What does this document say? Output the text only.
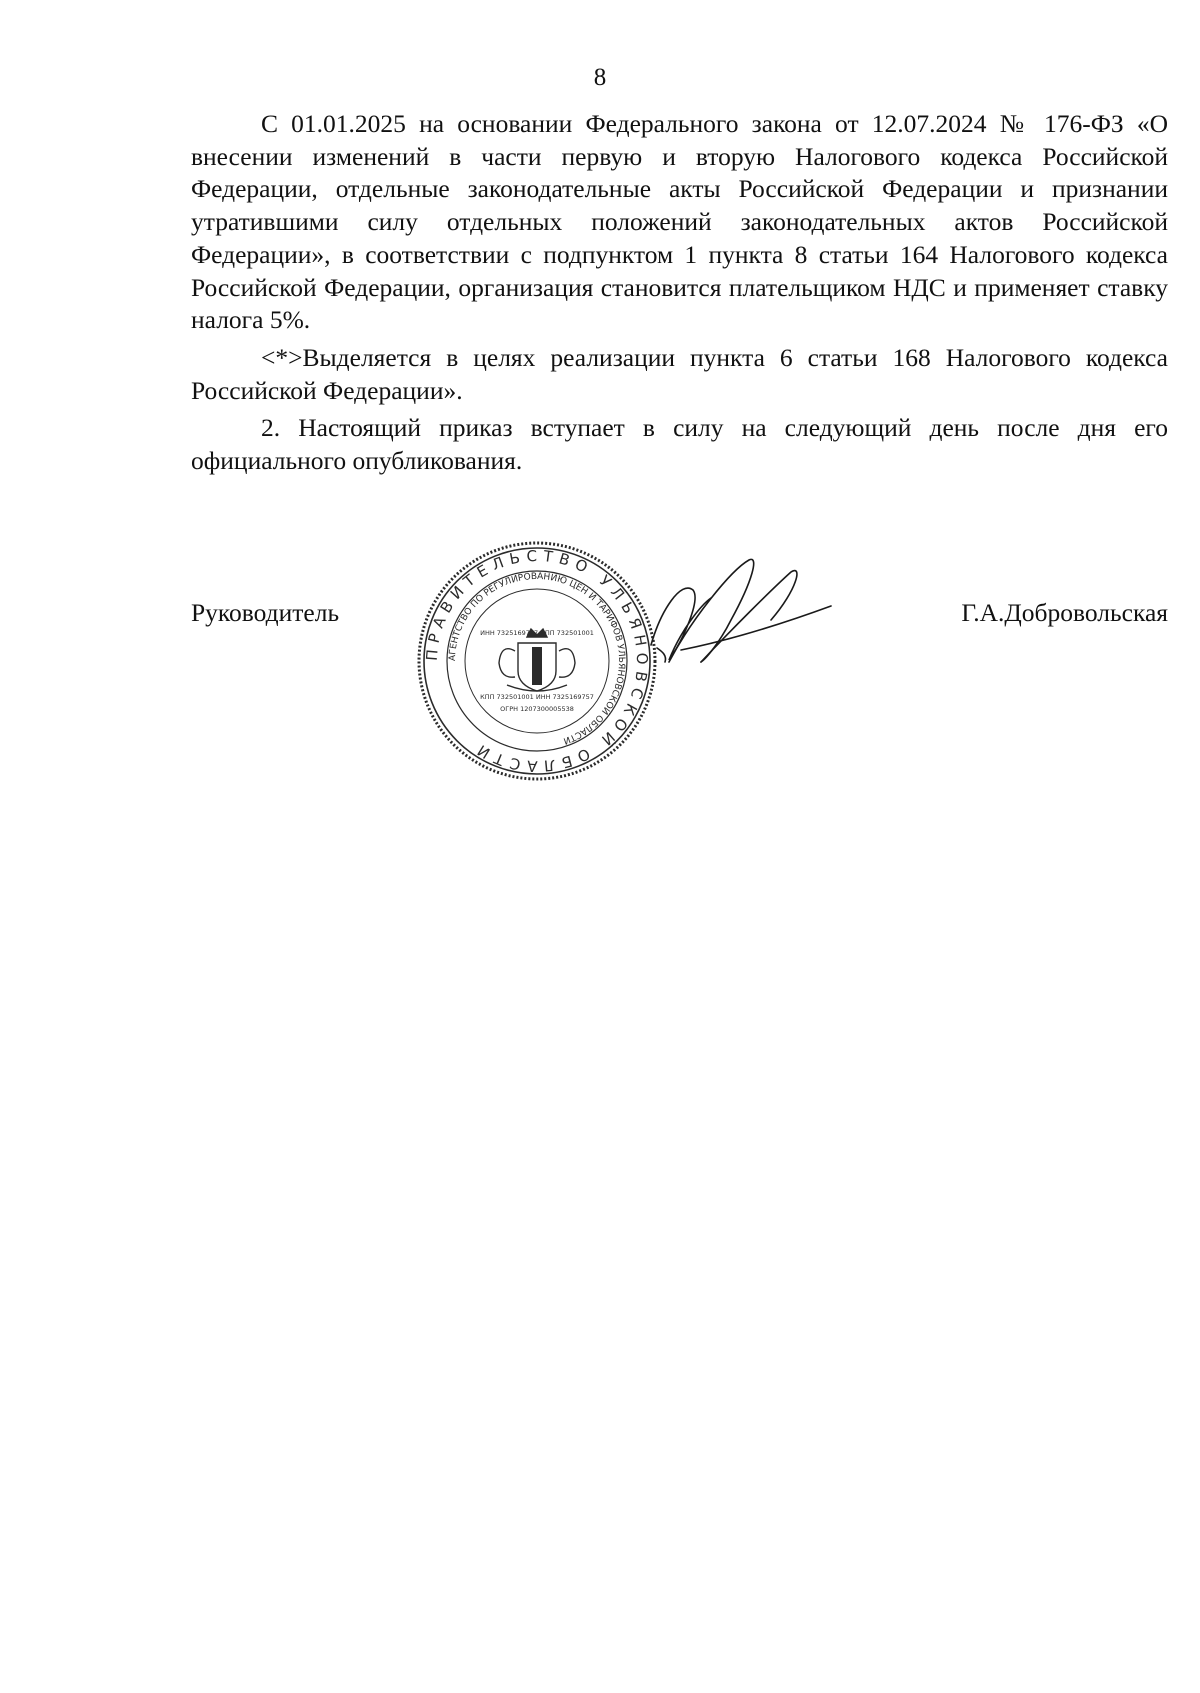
8

С 01.01.2025 на основании Федерального закона от 12.07.2024 № 176-ФЗ «О внесении изменений в части первую и вторую Налогового кодекса Российской Федерации, отдельные законодательные акты Российской Федерации и признании утратившими силу отдельных положений законодательных актов Российской Федерации», в соответствии с подпунктом 1 пункта 8 статьи 164 Налогового кодекса Российской Федерации, организация становится плательщиком НДС и применяет ставку налога 5%.

<*>Выделяется в целях реализации пункта 6 статьи 168 Налогового кодекса Российской Федерации».

2. Настоящий приказ вступает в силу на следующий день после дня его официального опубликования.

Руководитель
ПРАВИТЕЛЬСТВО УЛЬЯНОВСКОЙ ОБЛАСТИ
АГЕНТСТВО ПО РЕГУЛИРОВАНИЮ ЦЕН И ТАРИФОВ УЛЬЯНОВСКОЙ ОБЛАСТИ
ИНН 7325169757 КПП 732501001
КПП 732501001 ИНН 7325169757
ОГРН 1207300005538
Г.А.Добровольская
